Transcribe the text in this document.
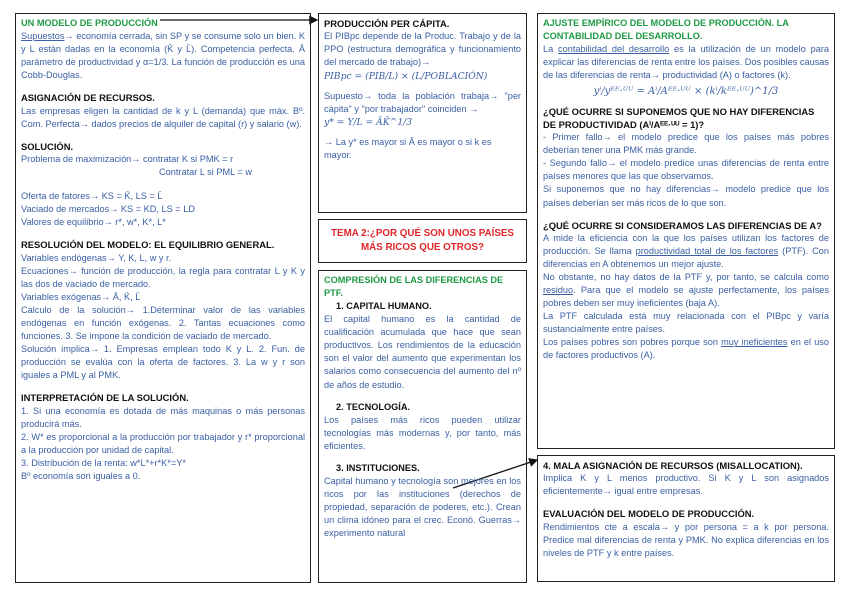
UN MODELO DE PRODUCCIÓN

Supuestos→ economía cerrada, sin SP y se consume solo un bien. K y L están dadas en la economía (K̄ y L̄). Competencia perfecta. Ā parámetro de productividad y α=1/3. La función de producción es una Cobb-Douglas.

ASIGNACIÓN DE RECURSOS.

Las empresas eligen la cantidad de k y L (demanda) que máx. Bº. Com. Perfecta→ dados precios de alquiler de capital (r) y salario (w).

SOLUCIÓN.

Problema de maximización→ contratar K si PMK = r

Contratar L si PML = w

Oferta de fatores→ KS = K̄, LS = L̄

Vaciado de mercados→ KS = KD, LS = LD

Valores de equilibrio→ r*, w*, K*, L*

RESOLUCIÓN DEL MODELO: EL EQUILIBRIO GENERAL.

Variables endógenas→ Y, K, L, w y r.

Ecuaciones→ función de producción, la regla para contratar L y K y las dos de vaciado de mercado.

Variables exógenas→ Ā, K̄, L̄

Calculo de la solución→ 1.Determinar valor de las variables endógenas en función exógenas. 2. Tantas ecuaciones como funciones. 3. Se impone la condición de vaciado de mercado.

Solución implica→ 1. Empresas emplean todo K y L. 2. Fun. de producción se evalúa con la oferta de factores. 3. La w y r son iguales a PML y al PMK.

INTERPRETACIÓN DE LA SOLUCIÓN.

1. Si una economía es dotada de más maquinas o más personas producirá más.

2. W* es proporcional a la producción por trabajador y r* proporcional a la producción por unidad de capital.

3. Distribución de la renta: w*L*+r*K*=Y*

Bº economía son iguales a 0.

PRODUCCIÓN PER CÁPITA.

El PIBpc depende de la Produc. Trabajo y de la PPO (estructura demográfica y funcionamiento del mercado de trabajo)→

PIBpc = (PIB/L) × (L/POBLACIÓN)

Supuesto→ toda la población trabaja→ "per cápita" y "por trabajador" coinciden →

y* = Y/L = ĀK̄^1/3

→ La y* es mayor si Ā es mayor o si k es mayor.

TEMA 2:¿POR QUÉ SON UNOS PAÍSES MÁS RICOS QUE OTROS?

COMPRESIÓN DE LAS DIFERENCIAS DE PTF.

1. CAPITAL HUMANO.

El capital humano es la cantidad de cualificación acumulada que hace que sean productivos. Los rendimientos de la educación son el valor del aumento que experimentan los salarios como consecuencia del aumento del nº de años de estudio.

2. TECNOLOGÍA.

Los países más ricos pueden utilizar tecnologías más modernas y, por tanto, más eficientes.

3. INSTITUCIONES.

Capital humano y tecnología son mejores en los ricos por las instituciones (derechos de propiedad, separación de poderes, etc.). Crean un clima idóneo para el crec. Econó. Guerras→ experimento natural

AJUSTE EMPÍRICO DEL MODELO DE PRODUCCIÓN. LA CONTABILIDAD DEL DESARROLLO.

La contabilidad del desarrollo es la utilización de un modelo para explicar las diferencias de renta entre los países. Dos posibles causas de las diferencias de renta→ productividad (A) o factores (k).

yⁱ/yᴱᴱ·ᵁᵁ = Aⁱ/Aᴱᴱ·ᵁᵁ × (kⁱ/kᴱᴱ·ᵁᵁ)^1/3

¿QUÉ OCURRE SI SUPONEMOS QUE NO HAY DIFERENCIAS DE PRODUCTIVIDAD (Aⁱ/Aᴱᴱ·ᵁᵁ = 1)?

- Primer fallo→ el modelo predice que los países más pobres deberían tener una PMK más grande.

- Segundo fallo→ el modelo predice unas diferencias de renta entre países menores que las que observamos.

Si suponemos que no hay diferencias→ modelo predice que los países deberían ser más ricos de lo que son.

¿QUÉ OCURRE SI CONSIDERAMOS LAS DIFERENCIAS DE A?

A mide la eficiencia con la que los países utilizan los factores de producción. Se llama productividad total de los factores (PTF). Con diferencias en A obtenemos un mejor ajuste.

No obstante, no hay datos de la PTF y, por tanto, se calcula como residuo. Para que el modelo se ajuste perfectamente, los países pobres deben ser muy ineficientes (baja A).

La PTF calculada está muy relacionada con el PIBpc y varía sustancialmente entre países.

Los países pobres son pobres porque son muy ineficientes en el uso de factores productivos (A).

4. MALA ASIGNACIÓN DE RECURSOS (MISALLOCATION).

Implica K y L menos productivo. Si K y L son asignados eficientemente→ igual entre empresas.

EVALUACIÓN DEL MODELO DE PRODUCCIÓN.

Rendimientos cte a escala→ y por persona = a k por persona. Predice mal diferencias de renta y PMK. No explica diferencias en los niveles de PTF y k entre países.
